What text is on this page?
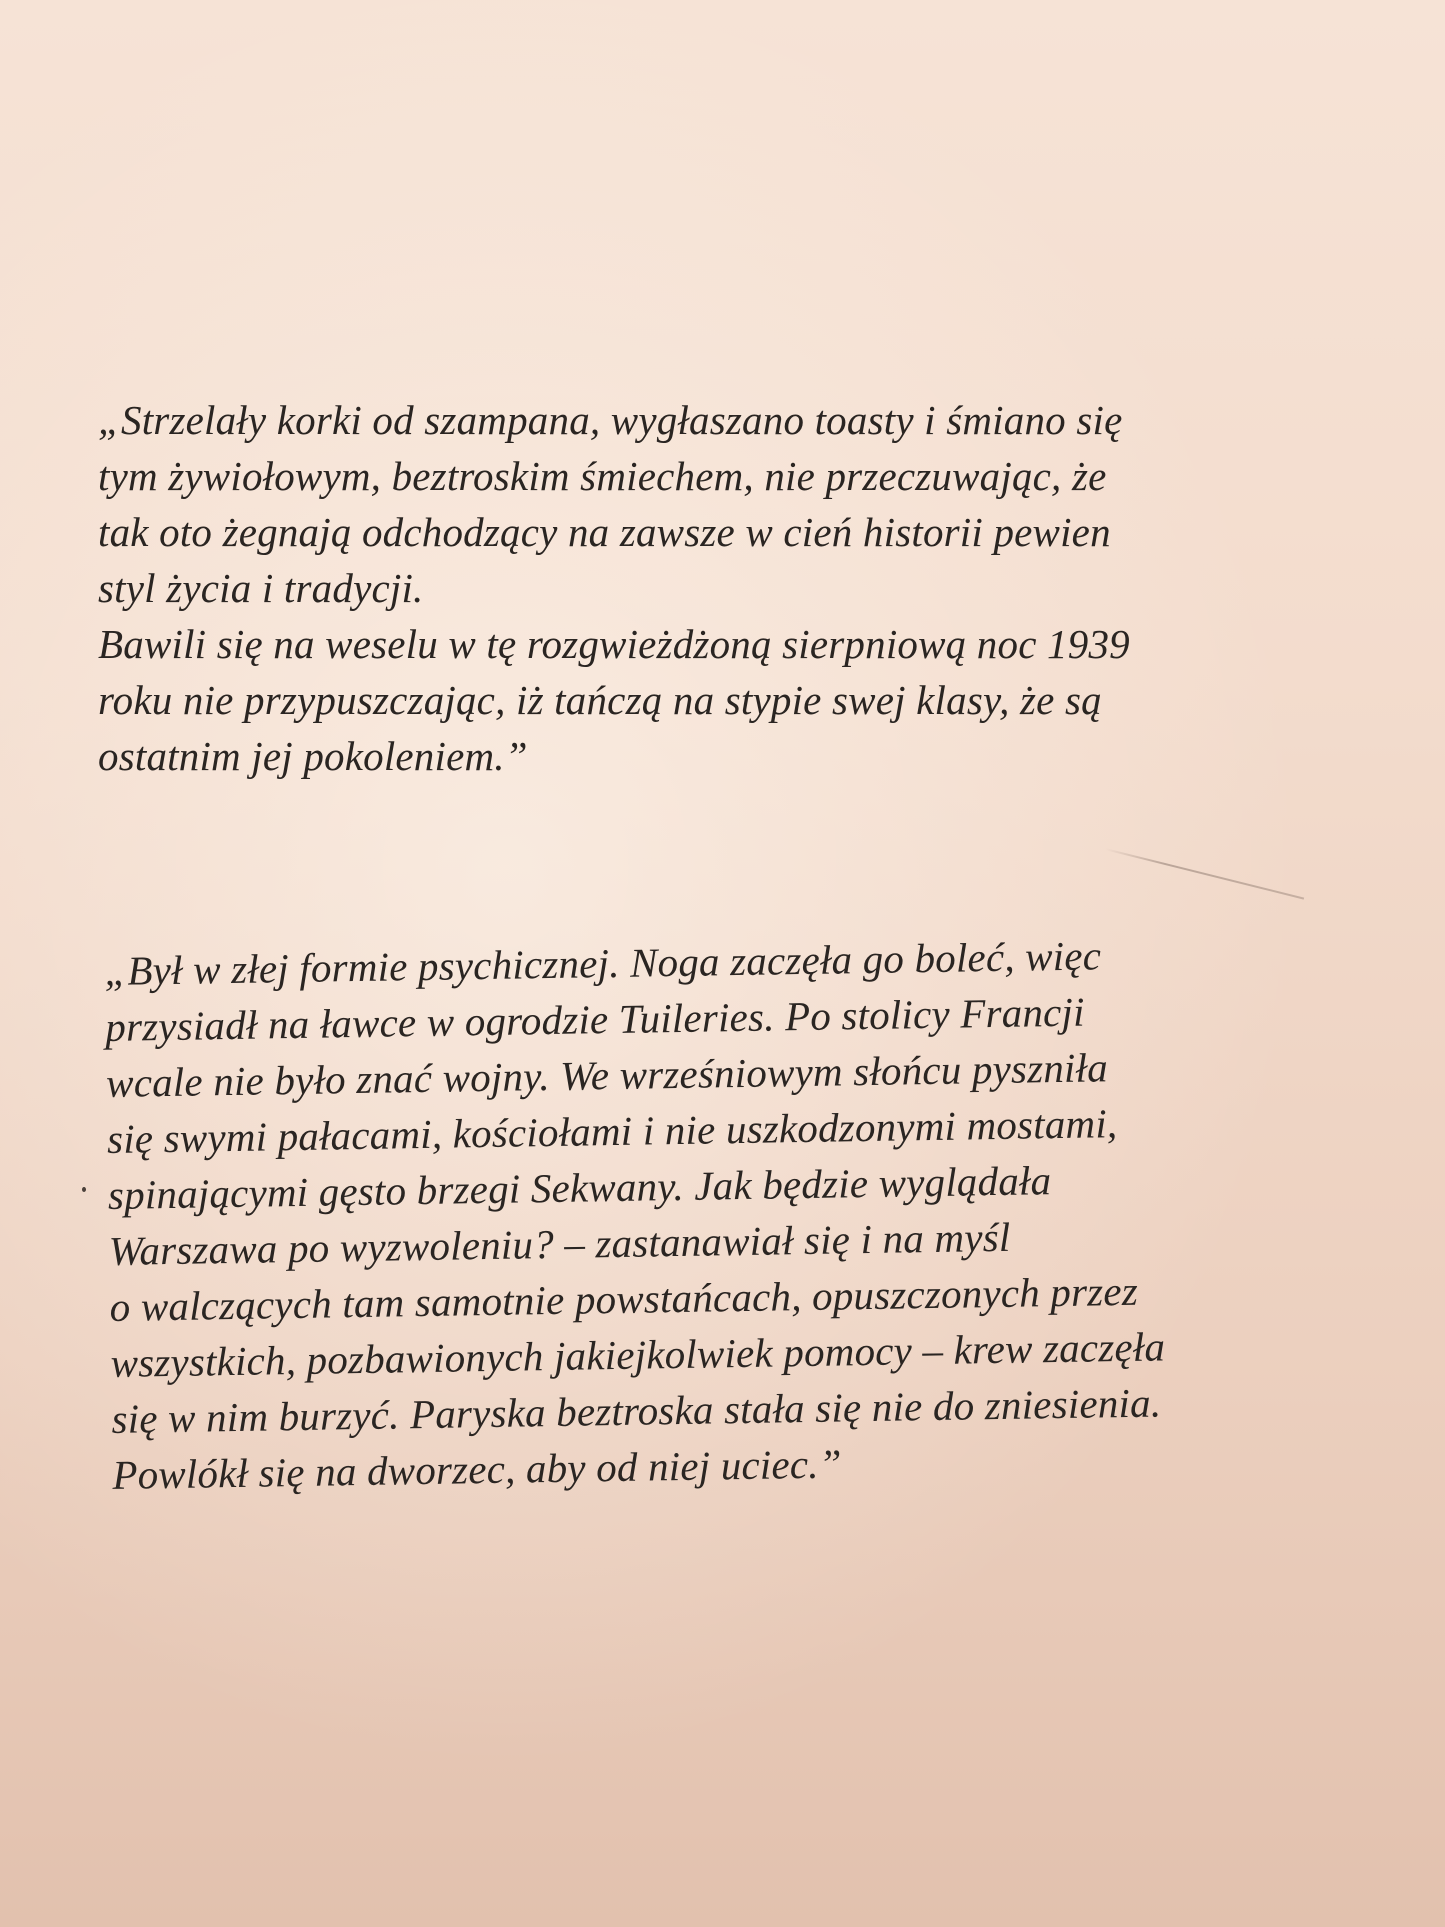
„Strzelały korki od szampana, wygłaszano toasty i śmiano się
tym żywiołowym, beztroskim śmiechem, nie przeczuwając, że
tak oto żegnają odchodzący na zawsze w cień historii pewien
styl życia i tradycji.
Bawili się na weselu w tę rozgwieżdżoną sierpniową noc 1939
roku nie przypuszczając, iż tańczą na stypie swej klasy, że są
ostatnim jej pokoleniem.”

„Był w złej formie psychicznej. Noga zaczęła go boleć, więc
przysiadł na ławce w ogrodzie Tuileries. Po stolicy Francji
wcale nie było znać wojny. We wrześniowym słońcu pyszniła
się swymi pałacami, kościołami i nie uszkodzonymi mostami,
spinającymi gęsto brzegi Sekwany. Jak będzie wyglądała
Warszawa po wyzwoleniu? – zastanawiał się i na myśl
o walczących tam samotnie powstańcach, opuszczonych przez
wszystkich, pozbawionych jakiejkolwiek pomocy – krew zaczęła
się w nim burzyć. Paryska beztroska stała się nie do zniesienia.
Powlókł się na dworzec, aby od niej uciec.”
